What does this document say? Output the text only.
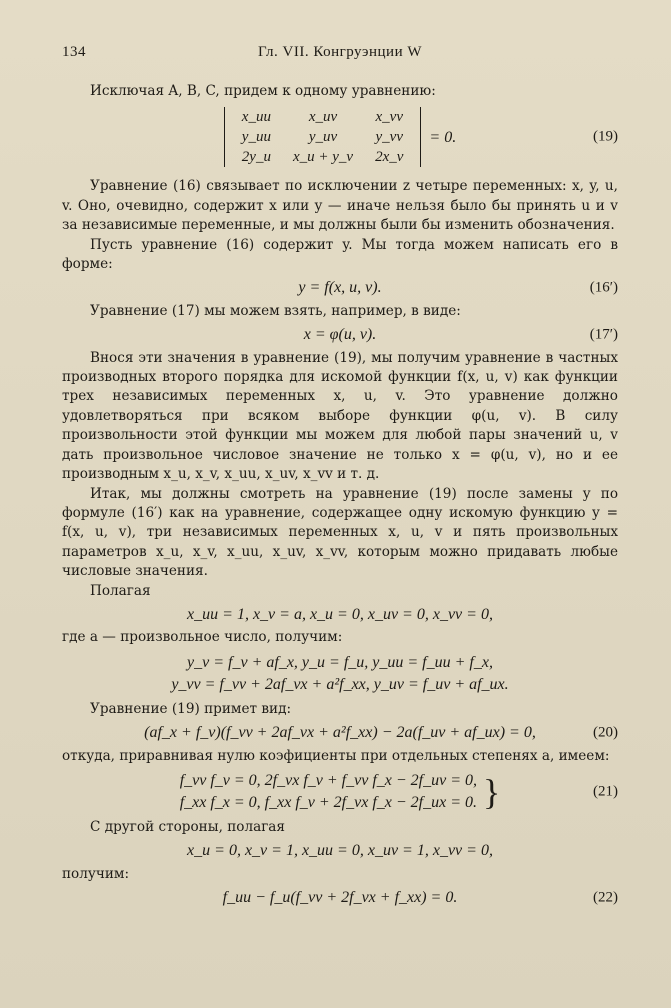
134	Гл. VII. Конгруэнции W

Исключая A, B, C, придем к одному уравнению:

x_uu	x_uv	x_vv
y_uu	y_uv	y_vv
2y_u	x_u + y_v	2x_v
= 0.	(19)

Уравнение (16) связывает по исключении z четыре переменных: x, y, u, v. Оно, очевидно, содержит x или y — иначе нельзя было бы принять u и v за независимые переменные, и мы должны были бы изменить обозначения.

Пусть уравнение (16) содержит y. Мы тогда можем написать его в форме:

y = f(x, u, v).	(16′)

Уравнение (17) мы можем взять, например, в виде:

x = φ(u, v).	(17′)

Внося эти значения в уравнение (19), мы получим уравнение в частных производных второго порядка для искомой функции f(x, u, v) как функции трех независимых переменных x, u, v. Это уравнение должно удовлетворяться при всяком выборе функции φ(u, v). В силу произвольности этой функции мы можем для любой пары значений u, v дать произвольное числовое значение не только x = φ(u, v), но и ее производным x_u, x_v, x_uu, x_uv, x_vv и т. д.

Итак, мы должны смотреть на уравнение (19) после замены y по формуле (16′) как на уравнение, содержащее одну искомую функцию y = f(x, u, v), три независимых переменных x, u, v и пять произвольных параметров x_u, x_v, x_uu, x_uv, x_vv, которым можно придавать любые числовые значения.

Полагая

x_uu = 1, x_v = a, x_u = 0, x_uv = 0, x_vv = 0,

где a — произвольное число, получим:

y_v = f_v + af_x, y_u = f_u, y_uu = f_uu + f_x,
y_vv = f_vv + 2af_vx + a²f_xx, y_uv = f_uv + af_ux.

Уравнение (19) примет вид:

(af_x + f_v)(f_vv + 2af_vx + a²f_xx) − 2a(f_uv + af_ux) = 0,	(20)

откуда, приравнивая нулю коэфициенты при отдельных степенях a, имеем:

f_vv f_v = 0, 2f_vx f_v + f_vv f_x − 2f_uv = 0,
f_xx f_x = 0, f_xx f_v + 2f_vx f_x − 2f_ux = 0. }	(21)

С другой стороны, полагая

x_u = 0, x_v = 1, x_uu = 0, x_uv = 1, x_vv = 0,

получим:

f_uu − f_u(f_vv + 2f_vx + f_xx) = 0.	(22)
